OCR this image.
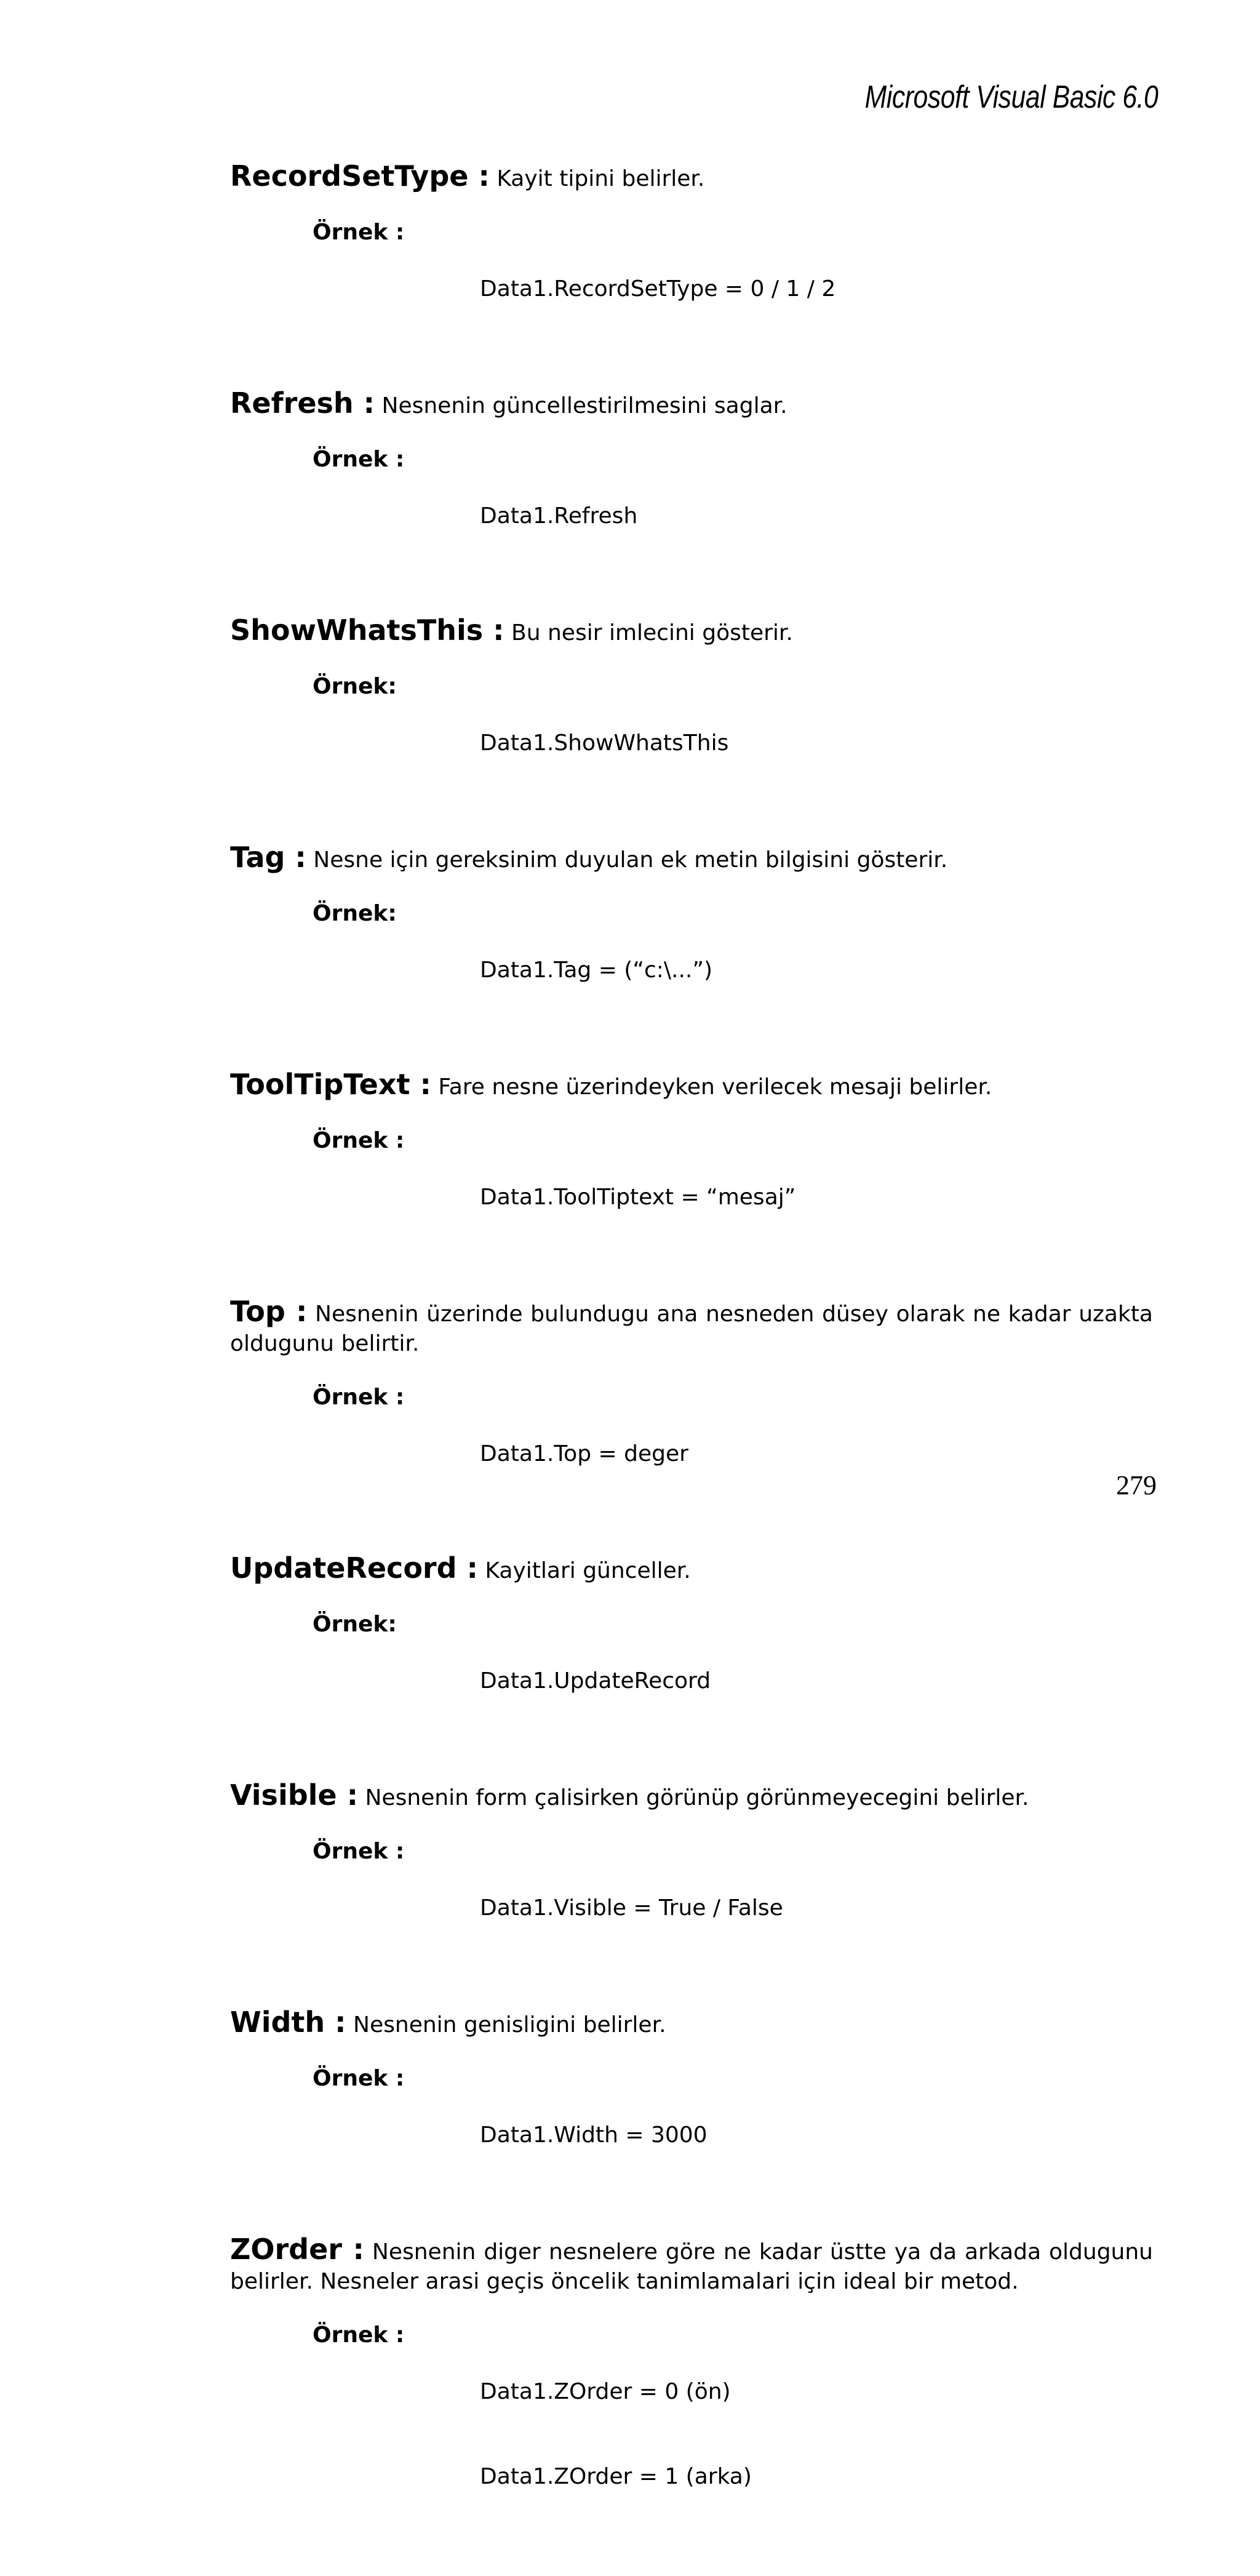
Microsoft Visual Basic 6.0

RecordSetType : Kayit tipini belirler.

Örnek :

Data1.RecordSetType = 0 / 1 / 2

Refresh : Nesnenin güncellestirilmesini saglar.

Örnek :

Data1.Refresh

ShowWhatsThis : Bu nesir imlecini gösterir.

Örnek:

Data1.ShowWhatsThis

Tag : Nesne için gereksinim duyulan ek metin bilgisini gösterir.

Örnek:

Data1.Tag = (“c:\...”)

ToolTipText : Fare nesne üzerindeyken verilecek mesaji belirler.

Örnek :

Data1.ToolTiptext = “mesaj”

Top : Nesnenin üzerinde bulundugu ana nesneden düsey olarak ne kadar uzakta oldugunu belirtir.

Örnek :

Data1.Top = deger

UpdateRecord : Kayitlari günceller.

Örnek:

Data1.UpdateRecord

Visible : Nesnenin form çalisirken görünüp görünmeyecegini belirler.

Örnek :

Data1.Visible = True / False

Width : Nesnenin genisligini belirler.

Örnek :

Data1.Width = 3000

ZOrder : Nesnenin diger nesnelere göre ne kadar üstte ya da arkada oldugunu belirler. Nesneler arasi geçis öncelik tanimlamalari için ideal bir metod.

Örnek :

Data1.ZOrder = 0 (ön)

Data1.ZOrder = 1 (arka)

279
